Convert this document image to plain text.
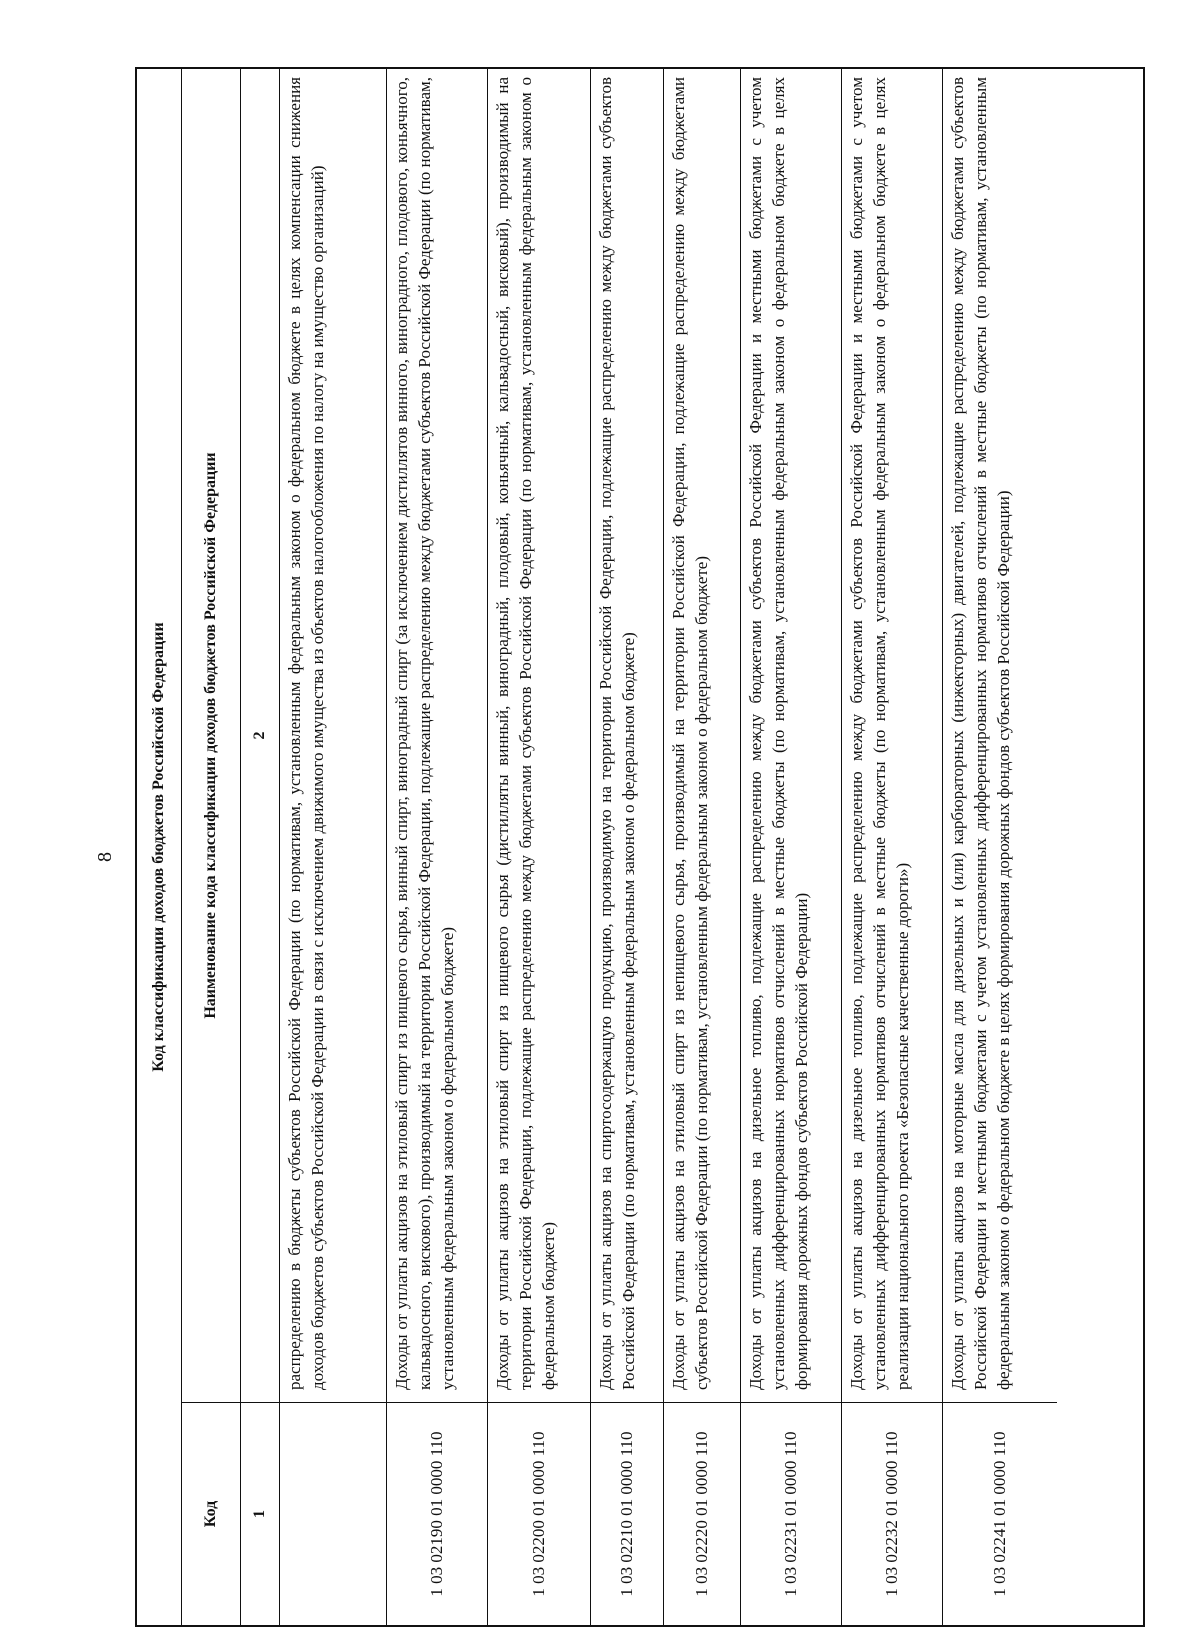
8	Код классификации доходов бюджетов Российской Федерации
Код
Наименование кода классификации доходов бюджетов Российской Федерации
1
2	распределению в бюджеты субъектов Российской Федерации (по нормативам, установленным федеральным законом о федеральном бюджете в целях компенсации снижения доходов бюджетов субъектов Российской Федерации в связи с исключением движимого имущества из объектов налогообложения по налогу на имущество организаций)
1 03 02190 01 0000 110
Доходы от уплаты акцизов на этиловый спирт из пищевого сырья, винный спирт, виноградный спирт (за исключением дистиллятов винного, виноградного, плодового, коньячного, кальвадосного, вискового), производимый на территории Российской Федерации, подлежащие распределению между бюджетами субъектов Российской Федерации (по нормативам, установленным федеральным законом о федеральном бюджете)
1 03 02200 01 0000 110
Доходы от уплаты акцизов на этиловый спирт из пищевого сырья (дистилляты винный, виноградный, плодовый, коньячный, кальвадосный, висковый), производимый на территории Российской Федерации, подлежащие распределению между бюджетами субъектов Российской Федерации (по нормативам, установленным федеральным законом о федеральном бюджете)
1 03 02210 01 0000 110
Доходы от уплаты акцизов на спиртосодержащую продукцию, производимую на территории Российской Федерации, подлежащие распределению между бюджетами субъектов Российской Федерации (по нормативам, установленным федеральным законом о федеральном бюджете)
1 03 02220 01 0000 110
Доходы от уплаты акцизов на этиловый спирт из непищевого сырья, производимый на территории Российской Федерации, подлежащие распределению между бюджетами субъектов Российской Федерации (по нормативам, установленным федеральным законом о федеральном бюджете)
1 03 02231 01 0000 110
Доходы от уплаты акцизов на дизельное топливо, подлежащие распределению между бюджетами субъектов Российской Федерации и местными бюджетами с учетом установленных дифференцированных нормативов отчислений в местные бюджеты (по нормативам, установленным федеральным законом о федеральном бюджете в целях формирования дорожных фондов субъектов Российской Федерации)
1 03 02232 01 0000 110
Доходы от уплаты акцизов на дизельное топливо, подлежащие распределению между бюджетами субъектов Российской Федерации и местными бюджетами с учетом установленных дифференцированных нормативов отчислений в местные бюджеты (по нормативам, установленным федеральным законом о федеральном бюджете в целях реализации национального проекта «Безопасные качественные дороги»)
1 03 02241 01 0000 110
Доходы от уплаты акцизов на моторные масла для дизельных и (или) карбюраторных (инжекторных) двигателей, подлежащие распределению между бюджетами субъектов Российской Федерации и местными бюджетами с учетом установленных дифференцированных нормативов отчислений в местные бюджеты (по нормативам, установленным федеральным законом о федеральном бюджете в целях формирования дорожных фондов субъектов Российской Федерации)
